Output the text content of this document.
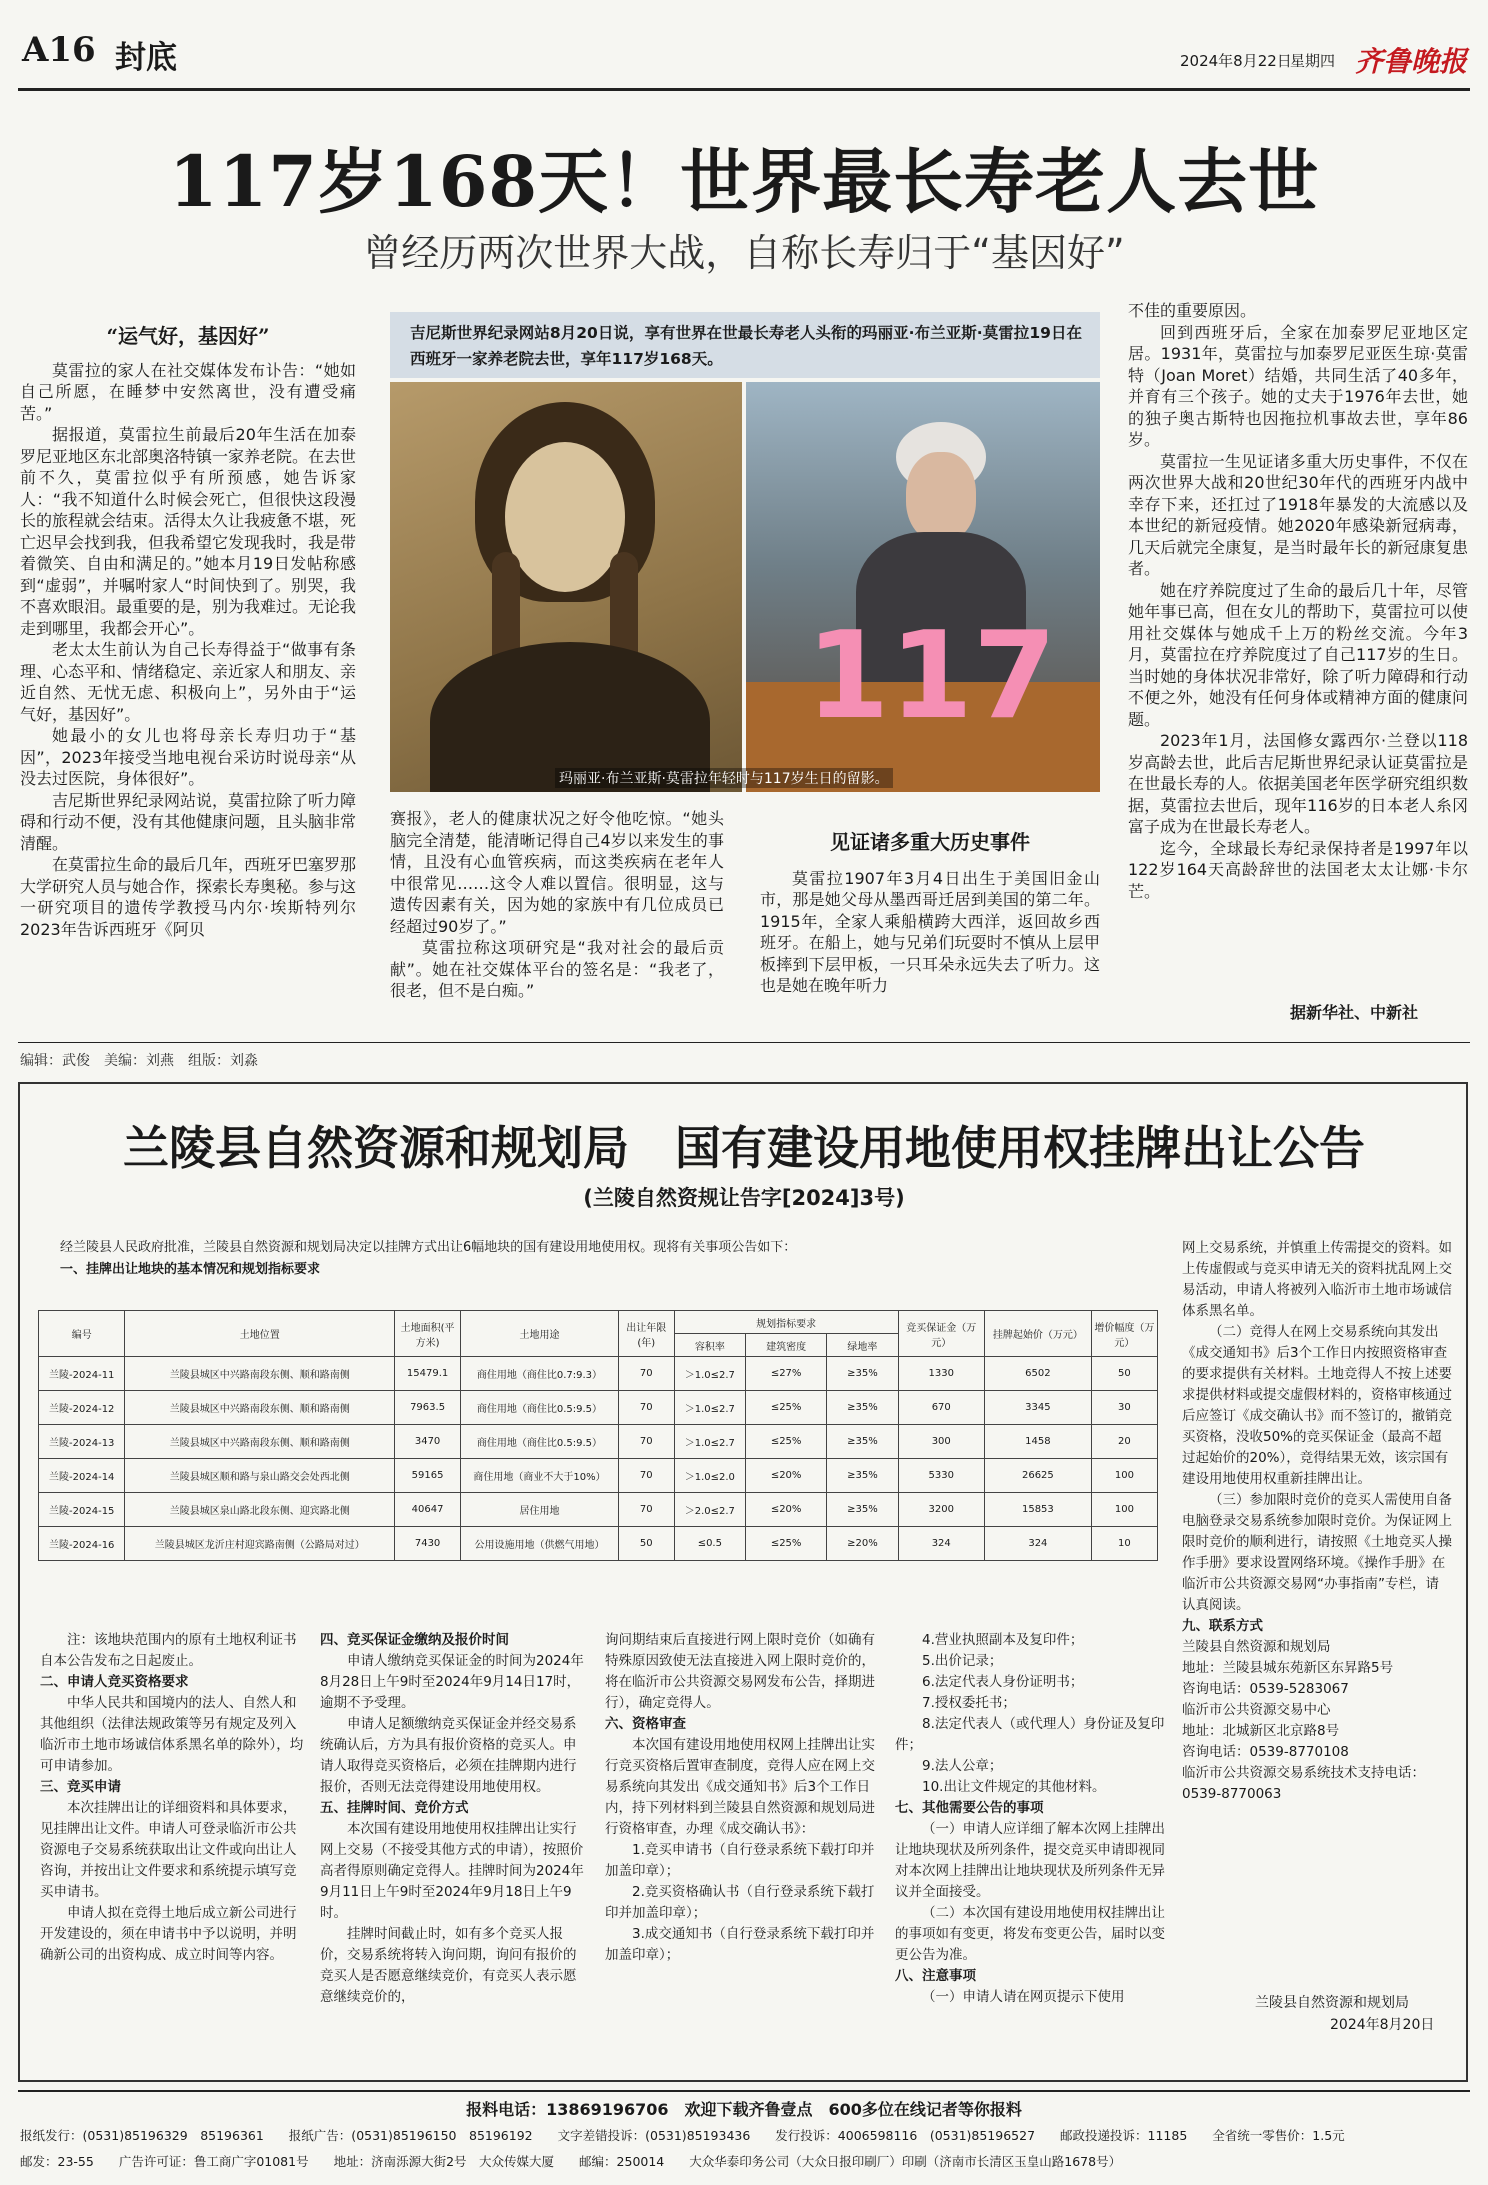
A16 封底	2024年8月22日
星期四 齐鲁晚报
117岁168天！世界最长寿老人去世
曾经历两次世界大战，自称长寿归于“基因好”

“运气好，基因好”

莫雷拉的家人在社交媒体发布讣告：“她如自己所愿，在睡梦中安然离世，没有遭受痛苦。”

据报道，莫雷拉生前最后20年生活在加泰罗尼亚地区东北部奥洛特镇一家养老院。在去世前不久，莫雷拉似乎有所预感，她告诉家人：“我不知道什么时候会死亡，但很快这段漫长的旅程就会结束。活得太久让我疲惫不堪，死亡迟早会找到我，但我希望它发现我时，我是带着微笑、自由和满足的。”她本月19日发帖称感到“虚弱”，并嘱咐家人“时间快到了。别哭，我不喜欢眼泪。最重要的是，别为我难过。无论我走到哪里，我都会开心”。

老太太生前认为自己长寿得益于“做事有条理、心态平和、情绪稳定、亲近家人和朋友、亲近自然、无忧无虑、积极向上”，另外由于“运气好，基因好”。

她最小的女儿也将母亲长寿归功于“基因”，2023年接受当地电视台采访时说母亲“从没去过医院，身体很好”。

吉尼斯世界纪录网站说，莫雷拉除了听力障碍和行动不便，没有其他健康问题，且头脑非常清醒。

在莫雷拉生命的最后几年，西班牙巴塞罗那大学研究人员与她合作，探索长寿奥秘。参与这一研究项目的遗传学教授马内尔·埃斯特列尔2023年告诉西班牙《阿贝

吉尼斯世界纪录网站8月20日说，享有世界在世最长寿老人头衔的玛丽亚·布兰亚斯·莫雷拉19日在西班牙一家养老院去世，享年117岁168天。
117
玛丽亚·布兰亚斯·莫雷拉年轻时与117岁生日的留影。

赛报》，老人的健康状况之好令他吃惊。“她头脑完全清楚，能清晰记得自己4岁以来发生的事情，且没有心血管疾病，而这类疾病在老年人中很常见……这令人难以置信。很明显，这与遗传因素有关，因为她的家族中有几位成员已经超过90岁了。”

莫雷拉称这项研究是“我对社会的最后贡献”。她在社交媒体平台的签名是：“我老了，很老，但不是白痴。”

见证诸多重大历史事件

莫雷拉1907年3月4日出生于美国旧金山市，那是她父母从墨西哥迁居到美国的第二年。1915年，全家人乘船横跨大西洋，返回故乡西班牙。在船上，她与兄弟们玩耍时不慎从上层甲板摔到下层甲板，一只耳朵永远失去了听力。这也是她在晚年听力

不佳的重要原因。

回到西班牙后，全家在加泰罗尼亚地区定居。1931年，莫雷拉与加泰罗尼亚医生琼·莫雷特（Joan Moret）结婚，共同生活了40多年，并育有三个孩子。她的丈夫于1976年去世，她的独子奥古斯特也因拖拉机事故去世，享年86岁。

莫雷拉一生见证诸多重大历史事件，不仅在两次世界大战和20世纪30年代的西班牙内战中幸存下来，还扛过了1918年暴发的大流感以及本世纪的新冠疫情。她2020年感染新冠病毒，几天后就完全康复，是当时最年长的新冠康复患者。

她在疗养院度过了生命的最后几十年，尽管她年事已高，但在女儿的帮助下，莫雷拉可以使用社交媒体与她成千上万的粉丝交流。今年3月，莫雷拉在疗养院度过了自己117岁的生日。当时她的身体状况非常好，除了听力障碍和行动不便之外，她没有任何身体或精神方面的健康问题。

2023年1月，法国修女露西尔·兰登以118岁高龄去世，此后吉尼斯世界纪录认证莫雷拉是在世最长寿的人。依据美国老年医学研究组织数据，莫雷拉去世后，现年116岁的日本老人糸冈富子成为在世最长寿老人。

迄今，全球最长寿纪录保持者是1997年以122岁164天高龄辞世的法国老太太让娜·卡尔芒。

据新华社、中新社
编辑：武俊　美编：刘燕　组版：刘淼
兰陵县自然资源和规划局　国有建设用地使用权挂牌出让公告
(兰陵自然资规让告字[2024]3号)
经兰陵县人民政府批准，兰陵县自然资源和规划局决定以挂牌方式出让6幅地块的国有建设用地使用权。现将有关事项公告如下：
一、挂牌出让地块的基本情况和规划指标要求
编号	土地位置	土地面积(平方米)	土地用途	出让年限(年)	规划指标要求			竞买保证金（万元）	挂牌起始价（万元）	增价幅度（万元）
					容积率	建筑密度	绿地率			
兰陵-2024-11	兰陵县城区中兴路南段东侧、顺和路南侧	15479.1	商住用地（商住比0.7:9.3）	70	＞1.0≤2.7	≤27%	≥35%	1330	6502	50
兰陵-2024-12	兰陵县城区中兴路南段东侧、顺和路南侧	7963.5	商住用地（商住比0.5:9.5）	70	＞1.0≤2.7	≤25%	≥35%	670	3345	30
兰陵-2024-13	兰陵县城区中兴路南段东侧、顺和路南侧	3470	商住用地（商住比0.5:9.5）	70	＞1.0≤2.7	≤25%	≥35%	300	1458	20
兰陵-2024-14	兰陵县城区顺和路与泉山路交会处西北侧	59165	商住用地（商业不大于10%）	70	＞1.0≤2.0	≤20%	≥35%	5330	26625	100
兰陵-2024-15	兰陵县城区泉山路北段东侧、迎宾路北侧	40647	居住用地	70	＞2.0≤2.7	≤20%	≥35%	3200	15853	100
兰陵-2024-16	兰陵县城区龙沂庄村迎宾路南侧（公路局对过）	7430	公用设施用地（供燃气用地）	50	≤0.5	≤25%	≥20%	324	324	10

注：该地块范围内的原有土地权利证书自本公告发布之日起废止。

二、申请人竞买资格要求

中华人民共和国境内的法人、自然人和其他组织（法律法规政策等另有规定及列入临沂市土地市场诚信体系黑名单的除外），均可申请参加。

三、竞买申请

本次挂牌出让的详细资料和具体要求，见挂牌出让文件。申请人可登录临沂市公共资源电子交易系统获取出让文件或向出让人咨询，并按出让文件要求和系统提示填写竞买申请书。

申请人拟在竞得土地后成立新公司进行开发建设的，须在申请书中予以说明，并明确新公司的出资构成、成立时间等内容。

四、竞买保证金缴纳及报价时间

申请人缴纳竞买保证金的时间为2024年8月28日上午9时至2024年9月14日17时，逾期不予受理。

申请人足额缴纳竞买保证金并经交易系统确认后，方为具有报价资格的竞买人。申请人取得竞买资格后，必须在挂牌期内进行报价，否则无法竞得建设用地使用权。

五、挂牌时间、竞价方式

本次国有建设用地使用权挂牌出让实行网上交易（不接受其他方式的申请），按照价高者得原则确定竞得人。挂牌时间为2024年9月11日上午9时至2024年9月18日上午9时。

挂牌时间截止时，如有多个竞买人报价，交易系统将转入询问期，询问有报价的竞买人是否愿意继续竞价，有竞买人表示愿意继续竞价的，

询问期结束后直接进行网上限时竞价（如确有特殊原因致使无法直接进入网上限时竞价的，将在临沂市公共资源交易网发布公告，择期进行），确定竞得人。

六、资格审查

本次国有建设用地使用权网上挂牌出让实行竞买资格后置审查制度，竞得人应在网上交易系统向其发出《成交通知书》后3个工作日内，持下列材料到兰陵县自然资源和规划局进行资格审查，办理《成交确认书》：

1.竞买申请书（自行登录系统下载打印并加盖印章）；

2.竞买资格确认书（自行登录系统下载打印并加盖印章）；

3.成交通知书（自行登录系统下载打印并加盖印章）；

4.营业执照副本及复印件；

5.出价记录；

6.法定代表人身份证明书；

7.授权委托书；

8.法定代表人（或代理人）身份证及复印件；

9.法人公章；

10.出让文件规定的其他材料。

七、其他需要公告的事项

（一）申请人应详细了解本次网上挂牌出让地块现状及所列条件，提交竞买申请即视同对本次网上挂牌出让地块现状及所列条件无异议并全面接受。

（二）本次国有建设用地使用权挂牌出让的事项如有变更，将发布变更公告，届时以变更公告为准。

八、注意事项

（一）申请人请在网页提示下使用

网上交易系统，并慎重上传需提交的资料。如上传虚假或与竞买申请无关的资料扰乱网上交易活动，申请人将被列入临沂市土地市场诚信体系黑名单。

（二）竞得人在网上交易系统向其发出《成交通知书》后3个工作日内按照资格审查的要求提供有关材料。土地竞得人不按上述要求提供材料或提交虚假材料的，资格审核通过后应签订《成交确认书》而不签订的，撤销竞买资格，没收50%的竞买保证金（最高不超过起始价的20%），竞得结果无效，该宗国有建设用地使用权重新挂牌出让。

（三）参加限时竞价的竞买人需使用自备电脑登录交易系统参加限时竞价。为保证网上限时竞价的顺利进行，请按照《土地竞买人操作手册》要求设置网络环境。《操作手册》在临沂市公共资源交易网“办事指南”专栏，请认真阅读。

九、联系方式

兰陵县自然资源和规划局

地址：兰陵县城东苑新区东昇路5号

咨询电话：0539-5283067

临沂市公共资源交易中心

地址：北城新区北京路8号

咨询电话：0539-8770108

临沂市公共资源交易系统技术支持电话：0539-8770063

兰陵县自然资源和规划局
2024年8月20日
报料电话：13869196706　欢迎下载齐鲁壹点　600多位在线记者等你报料
报纸发行：(0531)85196329　85196361　　报纸广告：(0531)85196150　85196192　　文字差错投诉：(0531)85193436　　发行投诉：4006598116　(0531)85196527　　邮政投递投诉：11185　　全省统一零售价：1.5元
邮发：23-55　　广告许可证：鲁工商广字01081号　　地址：济南泺源大街2号　大众传媒大厦　　邮编：250014　　大众华泰印务公司（大众日报印刷厂）印刷（济南市长清区玉皇山路1678号）
